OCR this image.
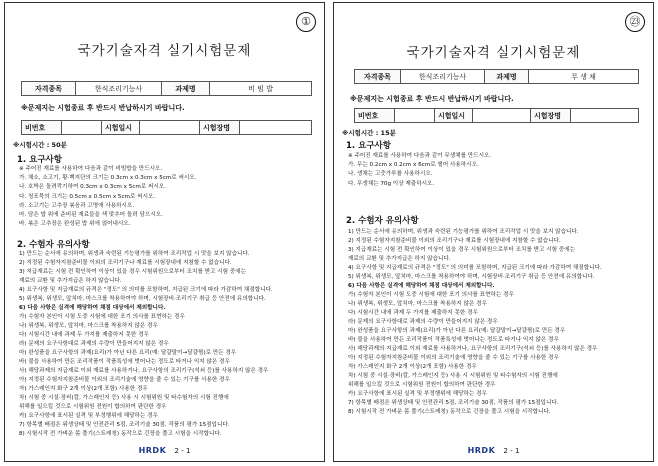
①
국가기술자격 실기시험문제
자격종목	한식조리기능사	과제명	비 빔 밥
※문제지는 시험종료 후 반드시 반납하시기 바랍니다.
비번호		시험일시		시험장명	
※시험시간 : 50분
1. 요구사항
※ 주어진 재료를 사용하여 다음과 같이 비빔밥을 만드시오.
가. 채소, 소고기, 황·백지단의 크기는 0.3cm x 0.3cm x 5cm로 써시오.
나. 호박은 돌려깍기하여 0.3cm x 0.3cm x 5cm로 써시오.
다. 청포묵의 크기는 0.5cm x 0.5cm x 5cm로 써시오.
라. 소고기는 고추장 볶음과 고명에 사용하시오.
마. 담은 밥 위에 준비된 재료들을 색 맞추어 돌려 담으시오.
바. 볶은 고추장은 완성된 밥 위에 얹어내시오.
2. 수험자 유의사항
1) 만드는 순서에 유의하며, 위생과 숙련된 기능평가를 위하여 조리작업 시 맛을 보지 않습니다.
2) 지정된 수험자지참준비물 이외의 조리기구나 재료를 시험장내에 지참할 수 없습니다.
3) 지급재료는 시험 전 확인하여 이상이 있을 경우 시험위원으로부터 조치를 받고 시험 중에는
재료의 교환 및 추가지급은 하지 않습니다.
4) 요구사항 및 지급재료의 규격은 "정도" 의 의미를 포함하며, 지급된 크기에 따라 가감하여 채점합니다.
5) 위생복, 위생모, 앞치마, 마스크를 착용하여야 하며, 시험장비·조리기구 취급 등 안전에 유의합니다.
6) 다음 사항은 실격에 해당하여 채점 대상에서 제외합니다.
가) 수험자 본인이 시험 도중 시험에 대한 포기 의사를 표현하는 경우
나) 위생복, 위생모, 앞치마, 마스크를 착용하지 않은 경우
다) 시험시간 내에 과제 두 가지를 제출하지 못한 경우
라) 문제의 요구사항대로 과제의 수량이 만들어지지 않은 경우
마) 완성품을 요구사항의 과제(요리)가 아닌 다른 요리(예: 달걀말이→달걀찜)로 만든 경우
바) 불을 사용하여 만든 조리작품이 작품특성에 벗어나는 정도로 타거나 익지 않은 경우
사) 해당과제의 지급재료 이외 재료를 사용하거나, 요구사항의 조리기구(석쇠 등)를 사용하지 않은 경우
아) 지정된 수험자지참준비물 이외의 조리기술에 영향을 줄 수 있는 기구를 사용한 경우
자) 가스레인지 화구 2개 이상(2개 포함) 사용한 경우
차) 시험 중 시설·장비(칼, 가스레인지 등) 사용 시 시험위원 및 타수험자의 시험 진행에
위해를 일으킬 것으로 시험위원 전원이 합의하여 판단한 경우
카) 요구사항에 표시된 실격 및 부정행위에 해당하는 경우
7) 항목별 배점은 위생상태 및 안전관리 5점, 조리기술 30점, 작품의 평가 15점입니다.
8) 시험시작 전 가벼운 몸 풀기(스트레칭) 동작으로 긴장을 풀고 시험을 시작합니다.
HRDK 2 - 1
㉓
국가기술자격 실기시험문제
자격종목	한식조리기능사	과제명	무 생 채
※문제지는 시험종료 후 반드시 반납하시기 바랍니다.
비번호		시험일시		시험장명	
※시험시간 : 15분
1. 요구사항
※ 주어진 재료를 사용하여 다음과 같이 무생채를 만드시오.
가. 무는 0.2cm x 0.2cm x 6cm로 썰어 사용하시오.
나. 생채는 고춧가루를 사용하시오.
다. 무생채는 70g 이상 제출하시오.
2. 수험자 유의사항
1) 만드는 순서에 유의하며, 위생과 숙련된 기능평가를 위하여 조리작업 시 맛을 보지 않습니다.
2) 지정된 수험자지참준비물 이외의 조리기구나 재료를 시험장내에 지참할 수 없습니다.
3) 지급재료는 시험 전 확인하여 이상이 있을 경우 시험위원으로부터 조치를 받고 시험 중에는
재료의 교환 및 추가지급은 하지 않습니다.
4) 요구사항 및 지급재료의 규격은 "정도" 의 의미를 포함하며, 지급된 크기에 따라 가감하여 채점합니다.
5) 위생복, 위생모, 앞치마, 마스크를 착용하여야 하며, 시험장비·조리기구 취급 등 안전에 유의합니다.
6) 다음 사항은 실격에 해당하여 채점 대상에서 제외합니다.
가) 수험자 본인이 시험 도중 시험에 대한 포기 의사를 표현하는 경우
나) 위생복, 위생모, 앞치마, 마스크를 착용하지 않은 경우
다) 시험시간 내에 과제 두 가지를 제출하지 못한 경우
라) 문제의 요구사항대로 과제의 수량이 만들어지지 않은 경우
마) 완성품을 요구사항의 과제(요리)가 아닌 다른 요리(예: 달걀말이→달걀찜)로 만든 경우
바) 불을 사용하여 만든 조리작품이 작품특성에 벗어나는 정도로 타거나 익지 않은 경우
사) 해당과제의 지급재료 이외 재료를 사용하거나, 요구사항의 조리기구(석쇠 등)를 사용하지 않은 경우
아) 지정된 수험자지참준비물 이외의 조리기술에 영향을 줄 수 있는 기구를 사용한 경우
자) 가스레인지 화구 2개 이상(2개 포함) 사용한 경우
차) 시험 중 시설·장비(칼, 가스레인지 등) 사용 시 시험위원 및 타수험자의 시험 진행에
위해를 일으킬 것으로 시험위원 전원이 합의하여 판단한 경우
카) 요구사항에 표시된 실격 및 부정행위에 해당하는 경우
7) 항목별 배점은 위생상태 및 안전관리 5점, 조리기술 30점, 작품의 평가 15점입니다.
8) 시험시작 전 가벼운 몸 풀기(스트레칭) 동작으로 긴장을 풀고 시험을 시작합니다.
HRDK 2 - 1
